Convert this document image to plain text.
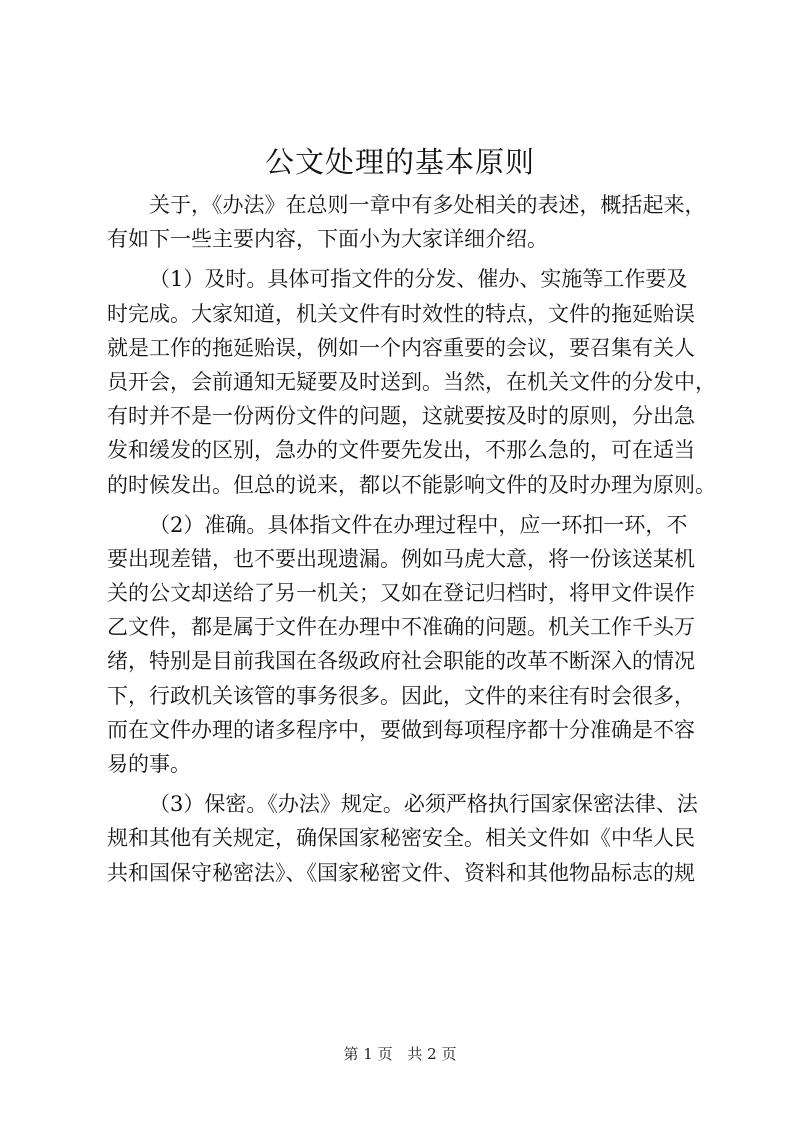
公文处理的基本原则

关于，《办法》在总则一章中有多处相关的表述，概括起来，
有如下一些主要内容，下面小为大家详细介绍。

（1）及时。具体可指文件的分发、催办、实施等工作要及
时完成。大家知道，机关文件有时效性的特点，文件的拖延贻误
就是工作的拖延贻误，例如一个内容重要的会议，要召集有关人
员开会，会前通知无疑要及时送到。当然，在机关文件的分发中，
有时并不是一份两份文件的问题，这就要按及时的原则，分出急
发和缓发的区别，急办的文件要先发出，不那么急的，可在适当
的时候发出。但总的说来，都以不能影响文件的及时办理为原则。

（2）准确。具体指文件在办理过程中，应一环扣一环，不
要出现差错，也不要出现遗漏。例如马虎大意，将一份该送某机
关的公文却送给了另一机关；又如在登记归档时，将甲文件误作
乙文件，都是属于文件在办理中不准确的问题。机关工作千头万
绪，特别是目前我国在各级政府社会职能的改革不断深入的情况
下，行政机关该管的事务很多。因此，文件的来往有时会很多，
而在文件办理的诸多程序中，要做到每项程序都十分准确是不容
易的事。

（3）保密。《办法》规定。必须严格执行国家保密法律、法
规和其他有关规定，确保国家秘密安全。相关文件如《中华人民
共和国保守秘密法》、《国家秘密文件、资料和其他物品标志的规

第 1 页 共 2 页
